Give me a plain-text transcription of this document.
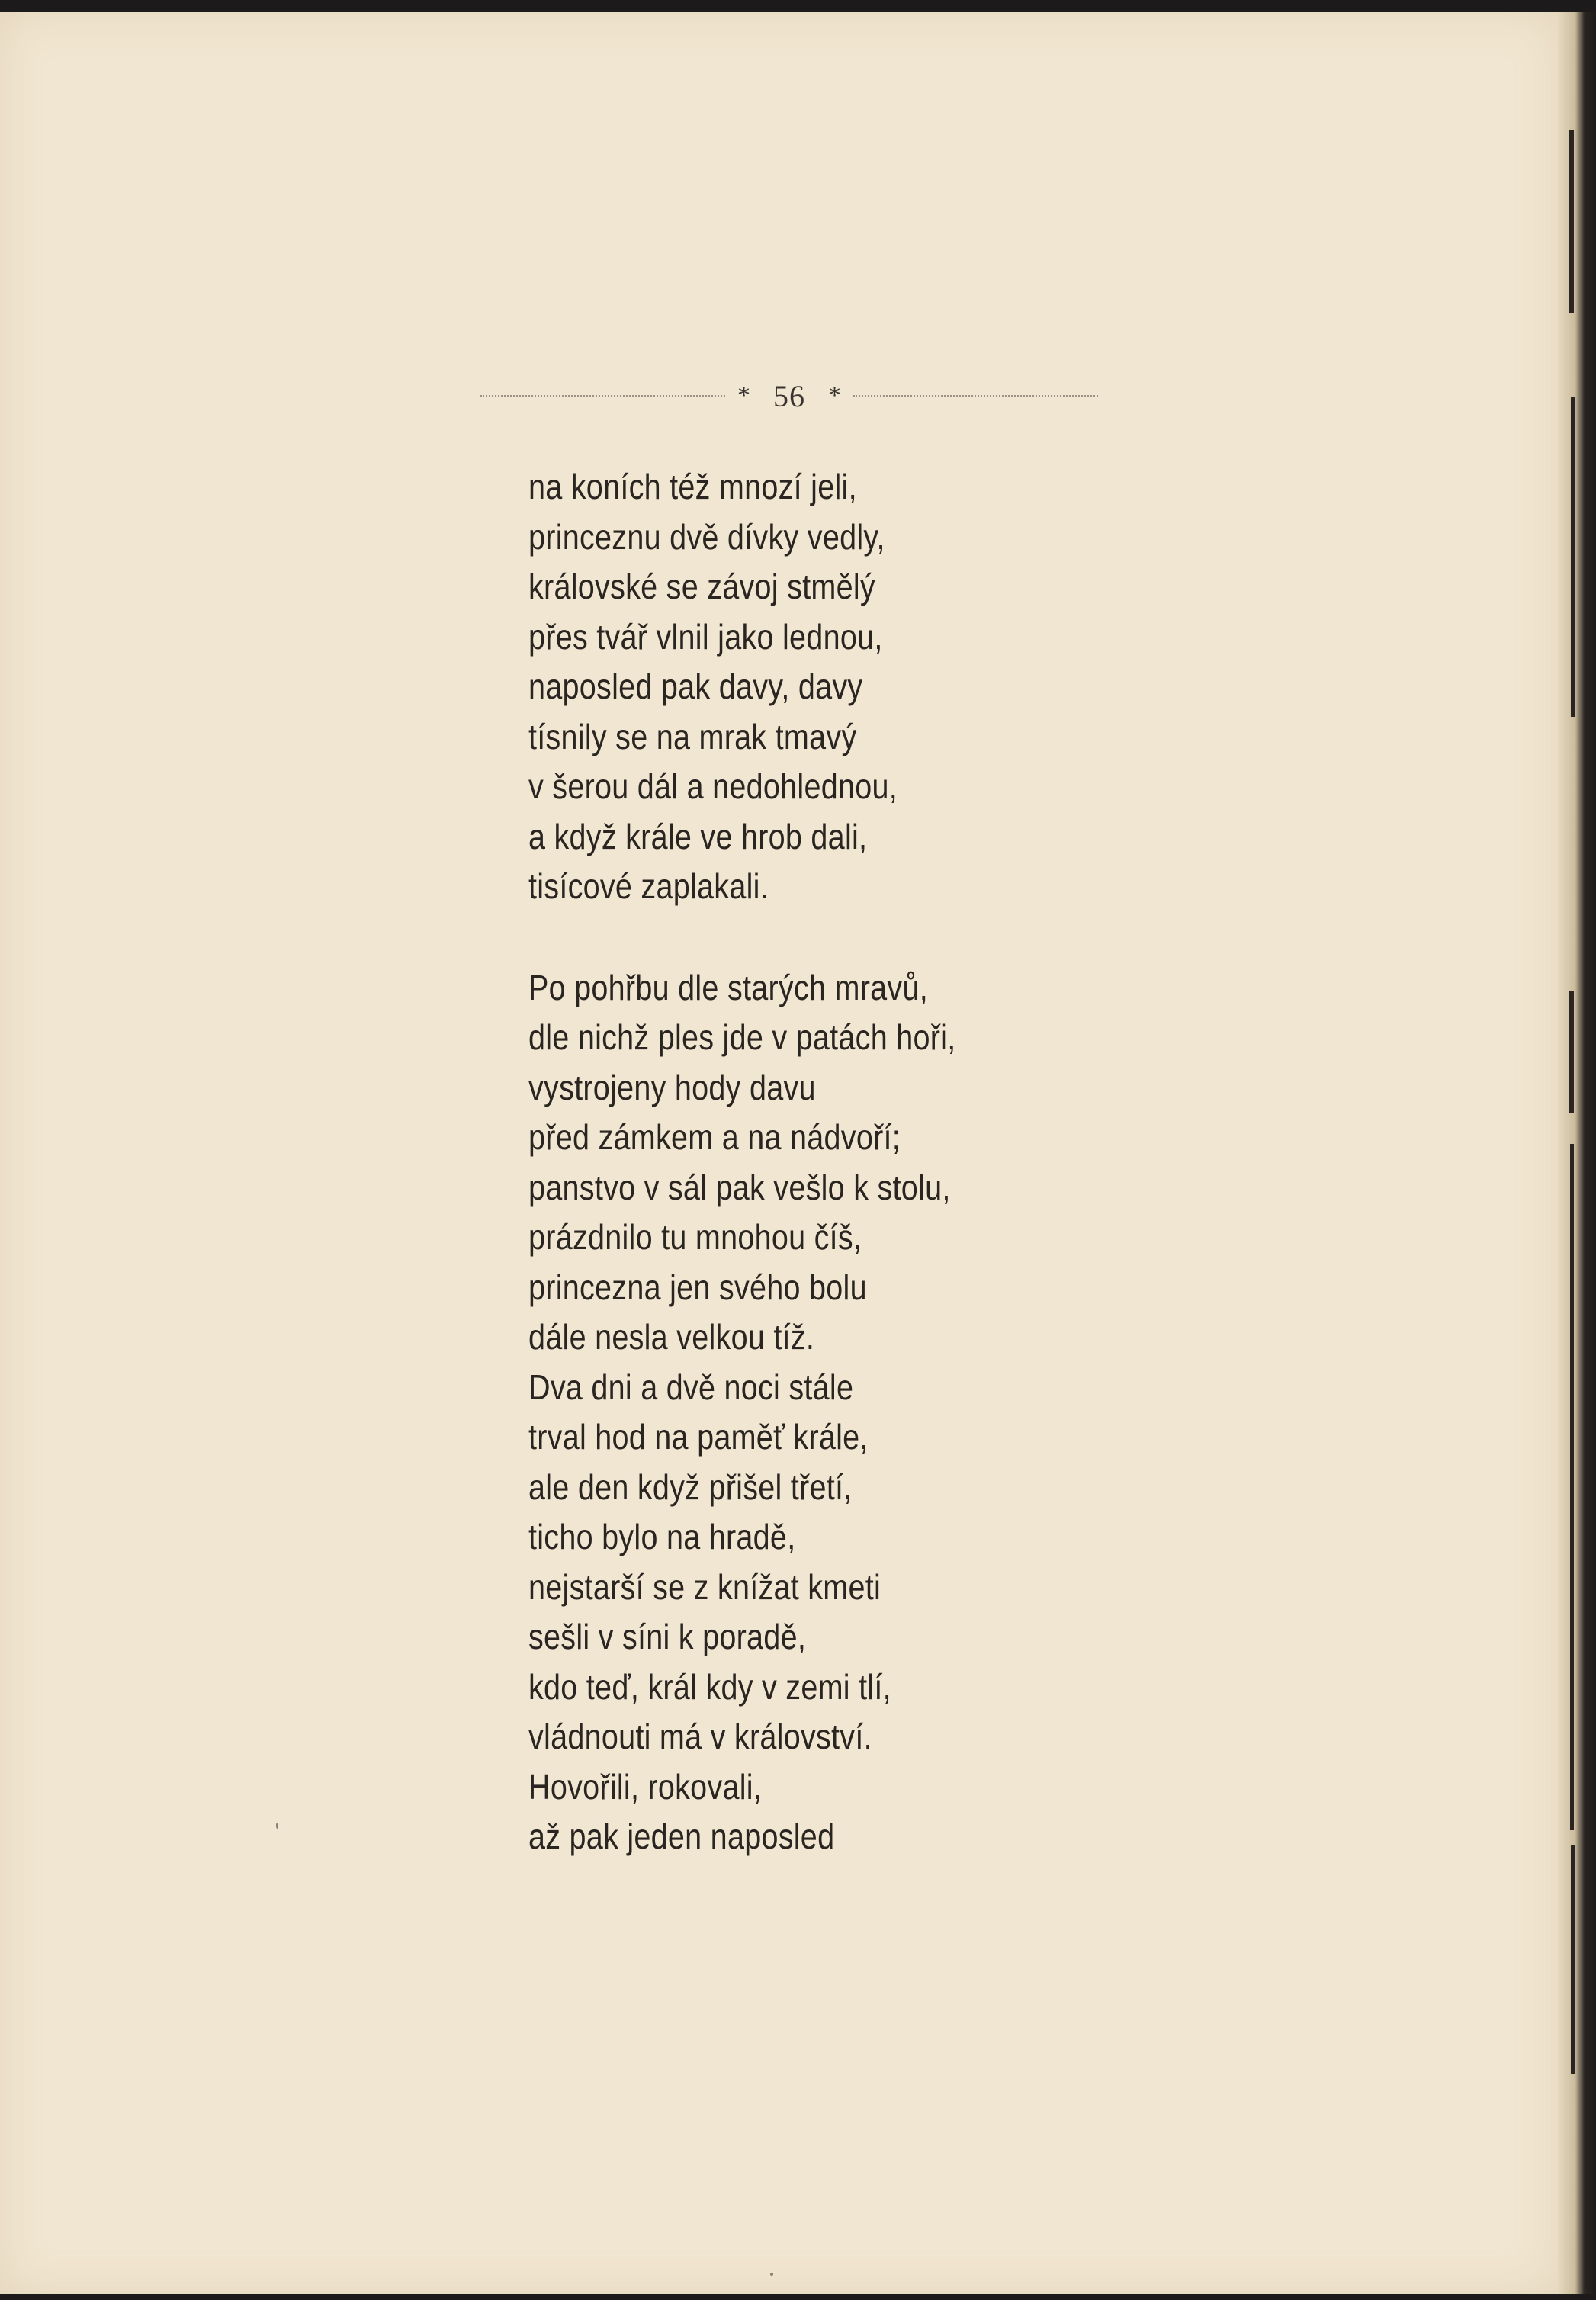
* 56 *
na koních též mnozí jeli,
princeznu dvě dívky vedly,
královské se závoj stmělý
přes tvář vlnil jako lednou,
naposled pak davy, davy
tísnily se na mrak tmavý
v šerou dál a nedohlednou,
a když krále ve hrob dali,
tisícové zaplakali.
Po pohřbu dle starých mravů,
dle nichž ples jde v patách hoři,
vystrojeny hody davu
před zámkem a na nádvoří;
panstvo v sál pak vešlo k stolu,
prázdnilo tu mnohou číš,
princezna jen svého bolu
dále nesla velkou tíž.
Dva dni a dvě noci stále
trval hod na paměť krále,
ale den když přišel třetí,
ticho bylo na hradě,
nejstarší se z knížat kmeti
sešli v síni k poradě,
kdo teď, král kdy v zemi tlí,
vládnouti má v království.
Hovořili, rokovali,
až pak jeden naposled
